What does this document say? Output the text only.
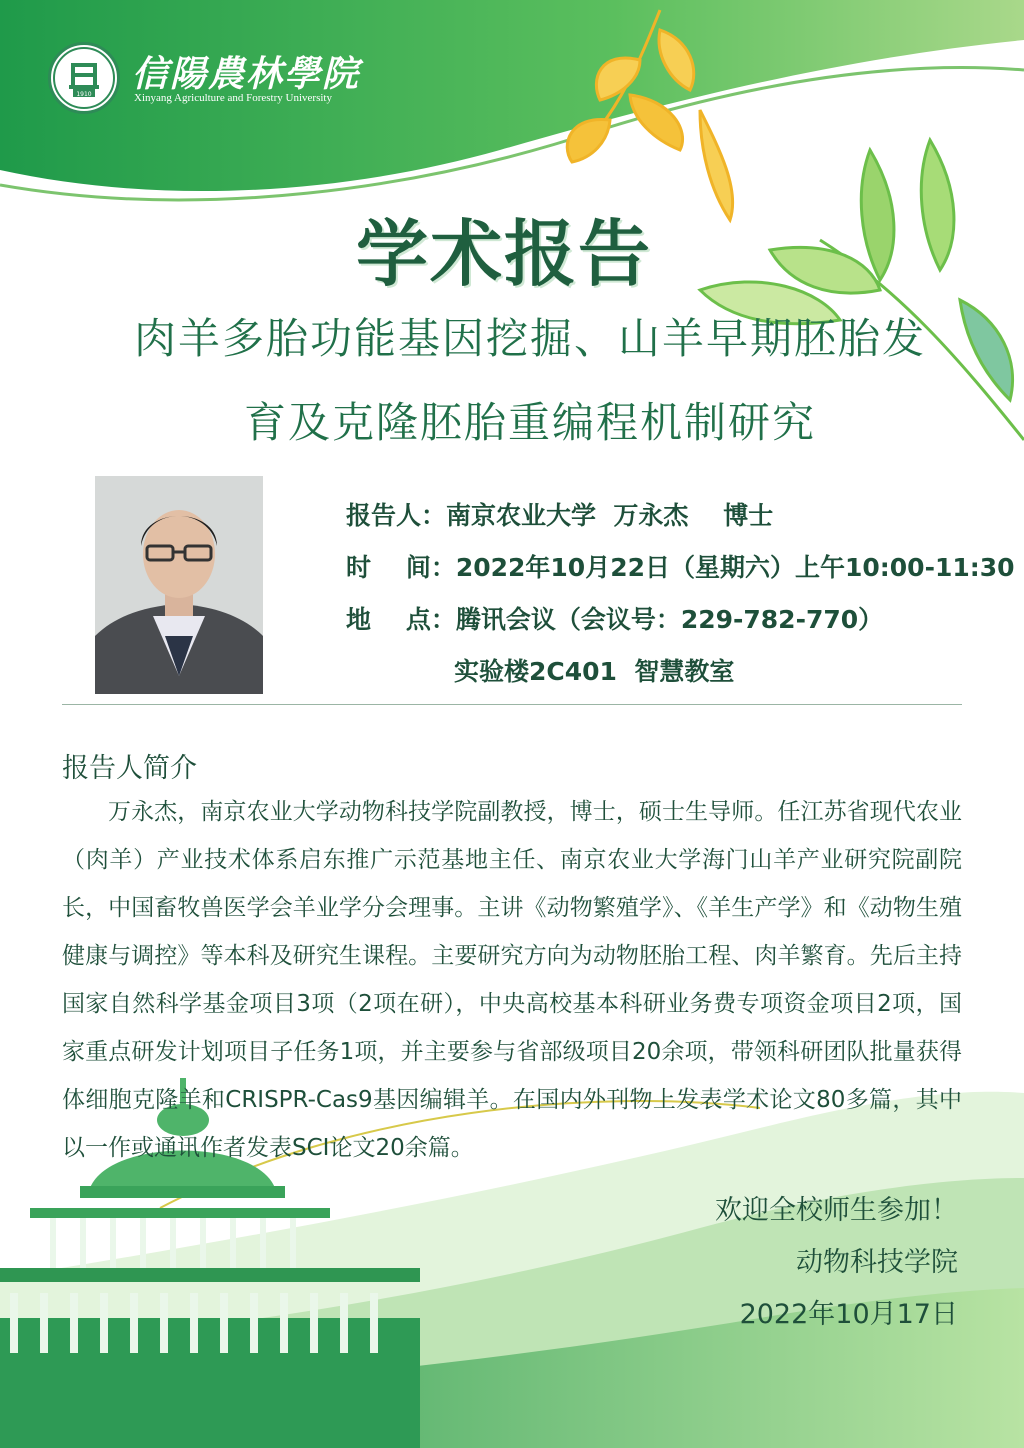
1910 信陽農林學院
Xinyang Agriculture and Forestry University
学术报告
肉羊多胎功能基因挖掘、山羊早期胚胎发
育及克隆胚胎重编程机制研究
报告人：南京农业大学  万永杰    博士
时    间：2022年10月22日（星期六）上午10:00-11:30
地    点：腾讯会议（会议号：229-782-770）
实验楼2C401  智慧教室
报告人简介
万永杰，南京农业大学动物科技学院副教授，博士，硕士生导师。任江苏省现代农业（肉羊）产业技术体系启东推广示范基地主任、南京农业大学海门山羊产业研究院副院长，中国畜牧兽医学会羊业学分会理事。主讲《动物繁殖学》、《羊生产学》和《动物生殖健康与调控》等本科及研究生课程。主要研究方向为动物胚胎工程、肉羊繁育。先后主持国家自然科学基金项目3项（2项在研），中央高校基本科研业务费专项资金项目2项，国家重点研发计划项目子任务1项，并主要参与省部级项目20余项，带领科研团队批量获得体细胞克隆羊和CRISPR-Cas9基因编辑羊。在国内外刊物上发表学术论文80多篇，其中以一作或通讯作者发表SCI论文20余篇。
欢迎全校师生参加！
动物科技学院
2022年10月17日
